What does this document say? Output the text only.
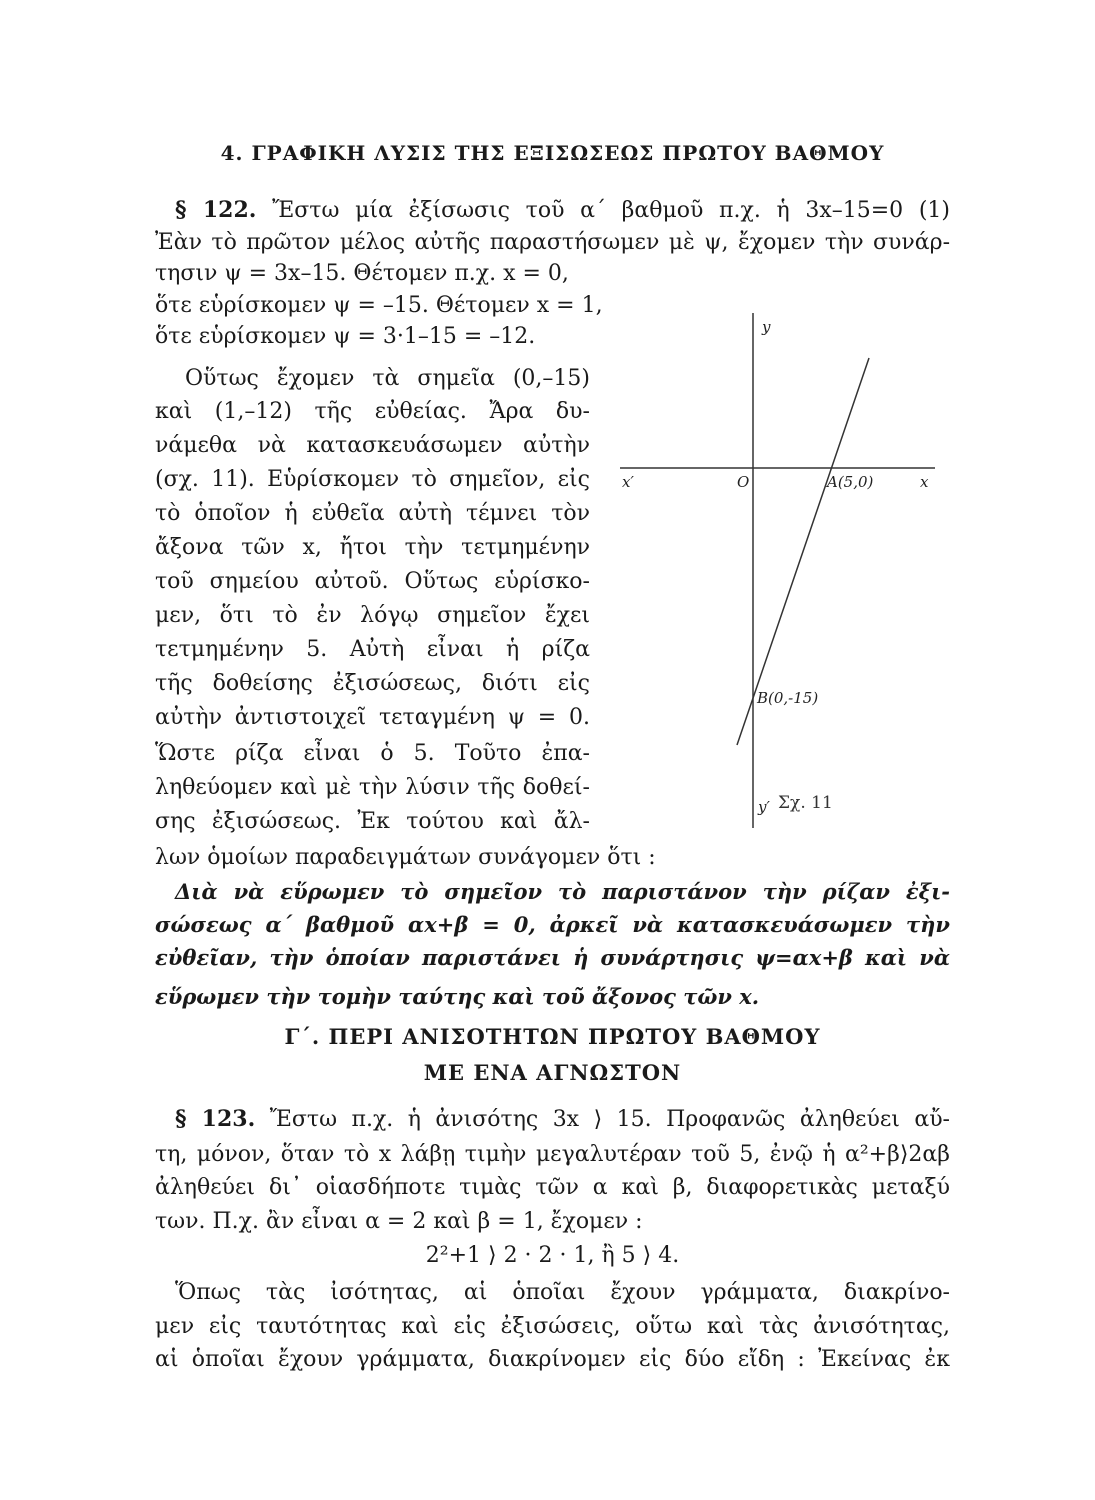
4. ΓΡΑΦΙΚΗ ΛΥΣΙΣ ΤΗΣ ΕΞΙΣΩΣΕΩΣ ΠΡΩΤΟΥ ΒΑΘΜΟΥ
§ 122. Ἔστω μία ἐξίσωσις τοῦ α΄ βαθμοῦ π.χ. ἡ 3x–15=0 (1)
Ἐὰν τὸ πρῶτον μέλος αὐτῆς παραστήσωμεν μὲ ψ, ἔχομεν τὴν συνάρ-
τησιν ψ = 3x–15. Θέτομεν π.χ. x = 0,
ὅτε εὑρίσκομεν ψ = –15. Θέτομεν x = 1,
ὅτε εὑρίσκομεν ψ = 3·1–15 = –12.
Οὕτως ἔχομεν τὰ σημεῖα (0,–15)
καὶ (1,–12) τῆς εὐθείας. Ἄρα δυ-
νάμεθα νὰ κατασκευάσωμεν αὐτὴν
(σχ. 11). Εὑρίσκομεν τὸ σημεῖον, εἰς
τὸ ὁποῖον ἡ εὐθεῖα αὐτὴ τέμνει τὸν
ἄξονα τῶν x, ἤτοι τὴν τετμημένην
τοῦ σημείου αὐτοῦ. Οὕτως εὑρίσκο-
μεν, ὅτι τὸ ἐν λόγῳ σημεῖον ἔχει
τετμημένην 5. Αὐτὴ εἶναι ἡ ρίζα
τῆς δοθείσης ἐξισώσεως, διότι εἰς
αὐτὴν ἀντιστοιχεῖ τεταγμένη ψ = 0.
Ὥστε ρίζα εἶναι ὁ 5. Τοῦτο ἐπα-
ληθεύομεν καὶ μὲ τὴν λύσιν τῆς δοθεί-
σης ἐξισώσεως. Ἐκ τούτου καὶ ἄλ-
λων ὁμοίων παραδειγμάτων συνάγομεν ὅτι :
y
y′
x
x′	O	A(5,0)
B(0,-15)
Σχ. 11
Διὰ νὰ εὕρωμεν τὸ σημεῖον τὸ παριστάνον τὴν ρίζαν ἐξι-
σώσεως α΄ βαθμοῦ αx+β = 0, ἀρκεῖ νὰ κατασκευάσωμεν τὴν
εὐθεῖαν, τὴν ὁποίαν παριστάνει ἡ συνάρτησις ψ=αx+β καὶ νὰ
εὕρωμεν τὴν τομὴν ταύτης καὶ τοῦ ἄξονος τῶν x.
Γ΄. ΠΕΡΙ ΑΝΙΣΟΤΗΤΩΝ ΠΡΩΤΟΥ ΒΑΘΜΟΥ
ΜΕ ΕΝΑ ΑΓΝΩΣΤΟΝ
§ 123. Ἔστω π.χ. ἡ ἀνισότης 3x ⟩ 15. Προφανῶς ἀληθεύει αὔ-
τη, μόνον, ὅταν τὸ x λάβῃ τιμὴν μεγαλυτέραν τοῦ 5, ἐνῷ ἡ α²+β⟩2αβ
ἀληθεύει δι᾽ οἱασδήποτε τιμὰς τῶν α καὶ β, διαφορετικὰς μεταξύ
των. Π.χ. ἂν εἶναι α = 2 καὶ β = 1, ἔχομεν :
2²+1 ⟩ 2 · 2 · 1, ἢ 5 ⟩ 4.
Ὅπως τὰς ἰσότητας, αἱ ὁποῖαι ἔχουν γράμματα, διακρίνο-
μεν εἰς ταυτότητας καὶ εἰς ἐξισώσεις, οὕτω καὶ τὰς ἀνισότητας,
αἱ ὁποῖαι ἔχουν γράμματα, διακρίνομεν εἰς δύο εἴδη : Ἐκείνας ἐκ
